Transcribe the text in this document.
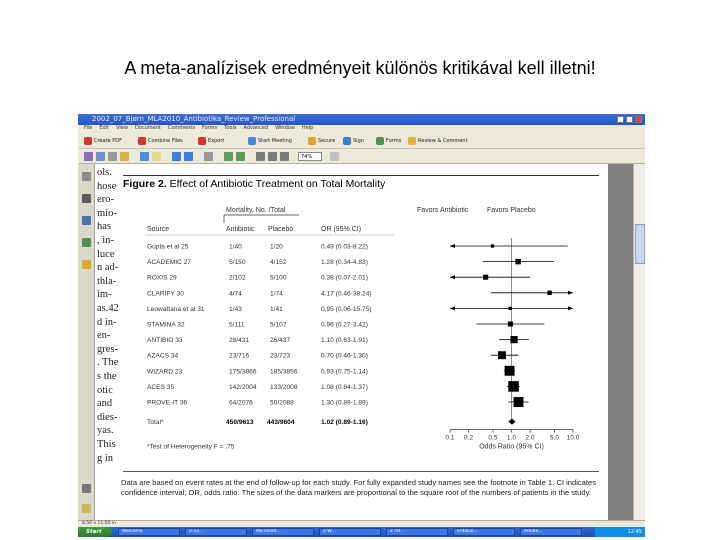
A meta-analízisek eredményeit különös kritikával kell illetni!
2002_07_Bjørn_MLA2010_Antibiotika_Review_Professional
File Edit View Document Comments Forms Tools Advanced Window Help
Create PDF	Combine Files	Export	Start Meeting	Secure	Sign	Forms	Review & Comment
74%
ols.
hose
ero-
mio-
has
, in-
luce
n ad-
thla-
im-
as.42
d in-
en-
gres-
. The
s the
otic
and
dies-
yas.
This
g in
Figure 2. Effect of Antibiotic Treatment on Total Mortality
Mortality, No. /Total
Source	Antibiotic Placebo	OR (95% CI)
Favors Antibiotic	Favors Placebo
Gupta et al 25	1/40	1/20	0.49 (0.03-8.22)
ACADEMIC 27	5/150	4/152	1.28 (0.34-4.83)
ROXIS 29	2/102	5/100	0.38 (0.07-2.01)
CLARIFY 30	4/74	1/74	4.17 (0.46-38.24)
Leowattana et al 31	1/43	1/41	0.95 (0.06-15.75)
STAMINA 32	5/111	5/107	0.96 (0.27-3.42)
ANTIBIO 33	28/431	26/437	1.10 (0.63-1.91)
AZACS 34	23/716	23/723	0.70 (0.46-1.30)
WIZARD 23	175/3866 185/3856	0.93 (0.75-1.14)
ACES 35	142/2004 133/2008	1.08 (0.84-1.37)
PROVE-IT 36	64/2076	50/2088	1.30 (0.89-1.89)
Total*	450/9613 443/9604	1.02 (0.89-1.16)
0.1 0.2 0.5 1.0 2.0 5.0 10.0
Odds Ratio (95% CI)
*Test of Heterogeneity F = .75
Data are based on event rates at the end of follow-up for each study. For fully expanded study names see the footnote in Table 1. CI indicates confidence interval; OR, odds ratio. The sizes of the data markers are proportional to the square root of the numbers of patients in the study.
8,50 x 11,00 in
Start	12:45
Welcome	2-12...	Microsoft...	2 W...	2 Int...	kritikus...	Adobe...
